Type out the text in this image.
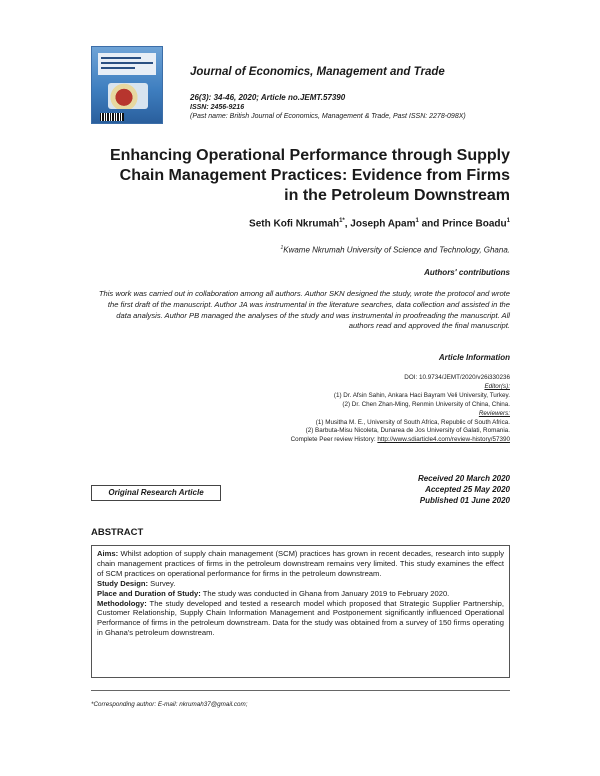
Journal of Economics, Management and Trade
26(3): 34-46, 2020; Article no.JEMT.57390
ISSN: 2456-9216
(Past name: British Journal of Economics, Management & Trade, Past ISSN: 2278-098X)
Enhancing Operational Performance through Supply
Chain Management Practices: Evidence from Firms
in the Petroleum Downstream
Seth Kofi Nkrumah$^{1*}$, Joseph Apam$^1$ and Prince Boadu$^1$
$^1$Kwame Nkrumah University of Science and Technology, Ghana.
Authors' contributions
This work was carried out in collaboration among all authors. Author SKN designed the study, wrote the protocol and wrote the first draft of the manuscript. Author JA was instrumental in the literature searches, data collection and assisted in the data analysis. Author PB managed the analyses of the study and was instrumental in proofreading the manuscript. All authors read and approved the final manuscript.
Article Information
DOI: 10.9734/JEMT/2020/v26i330236
Editor(s):
(1) Dr. Afsin Sahin, Ankara Haci Bayram Veli University, Turkey.
(2) Dr. Chen Zhan-Ming, Renmin University of China, China.
Reviewers:
(1) Musitha M. E., University of South Africa, Republic of South Africa.
(2) Barbuta-Misu Nicoleta, Dunarea de Jos University of Galati, Romania.
Complete Peer review History: http://www.sdiarticle4.com/review-history/57390
Original Research Article
Received 20 March 2020
Accepted 25 May 2020
Published 01 June 2020
ABSTRACT

Aims: Whilst adoption of supply chain management (SCM) practices has grown in recent decades, research into supply chain management practices of firms in the petroleum downstream remains very limited. This study examines the effect of SCM practices on operational performance for firms in the petroleum downstream.

Study Design: Survey.

Place and Duration of Study: The study was conducted in Ghana from January 2019 to February 2020.

Methodology: The study developed and tested a research model which proposed that Strategic Supplier Partnership, Customer Relationship, Supply Chain Information Management and Postponement significantly influenced Operational Performance of firms in the petroleum downstream. Data for the study was obtained from a survey of 150 firms operating in Ghana's petroleum downstream.

*Corresponding author: E-mail: nkrumah37@gmail.com;
